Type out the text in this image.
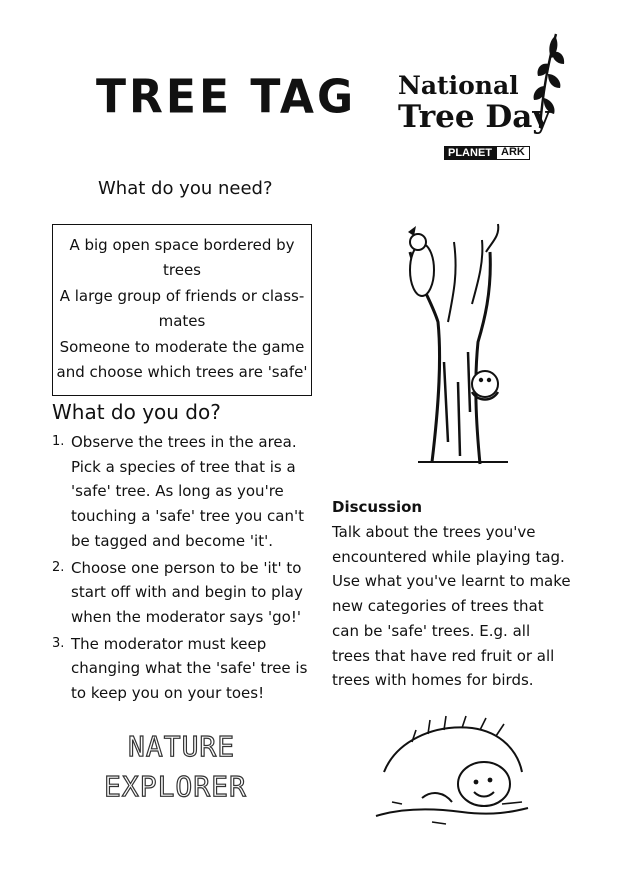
TREE TAG National
Tree Day
PLANET ARK
What do you need?
A big open space bordered by trees
A large group of friends or class-mates
Someone to moderate the game and choose which trees are 'safe'
What do you do?
1. Observe the trees in the area. Pick a species of tree that is a 'safe' tree. As long as you're touching a 'safe' tree you can't be tagged and become 'it'.
2. Choose one person to be 'it' to start off with and begin to play when the moderator says 'go!'
3. The moderator must keep changing what the 'safe' tree is to keep you on your toes!
Discussion
Talk about the trees you've encountered while playing tag. Use what you've learnt to make new categories of trees that can be 'safe' trees. E.g. all trees that have red fruit or all trees with homes for birds.
NATURE
EXPLORER
